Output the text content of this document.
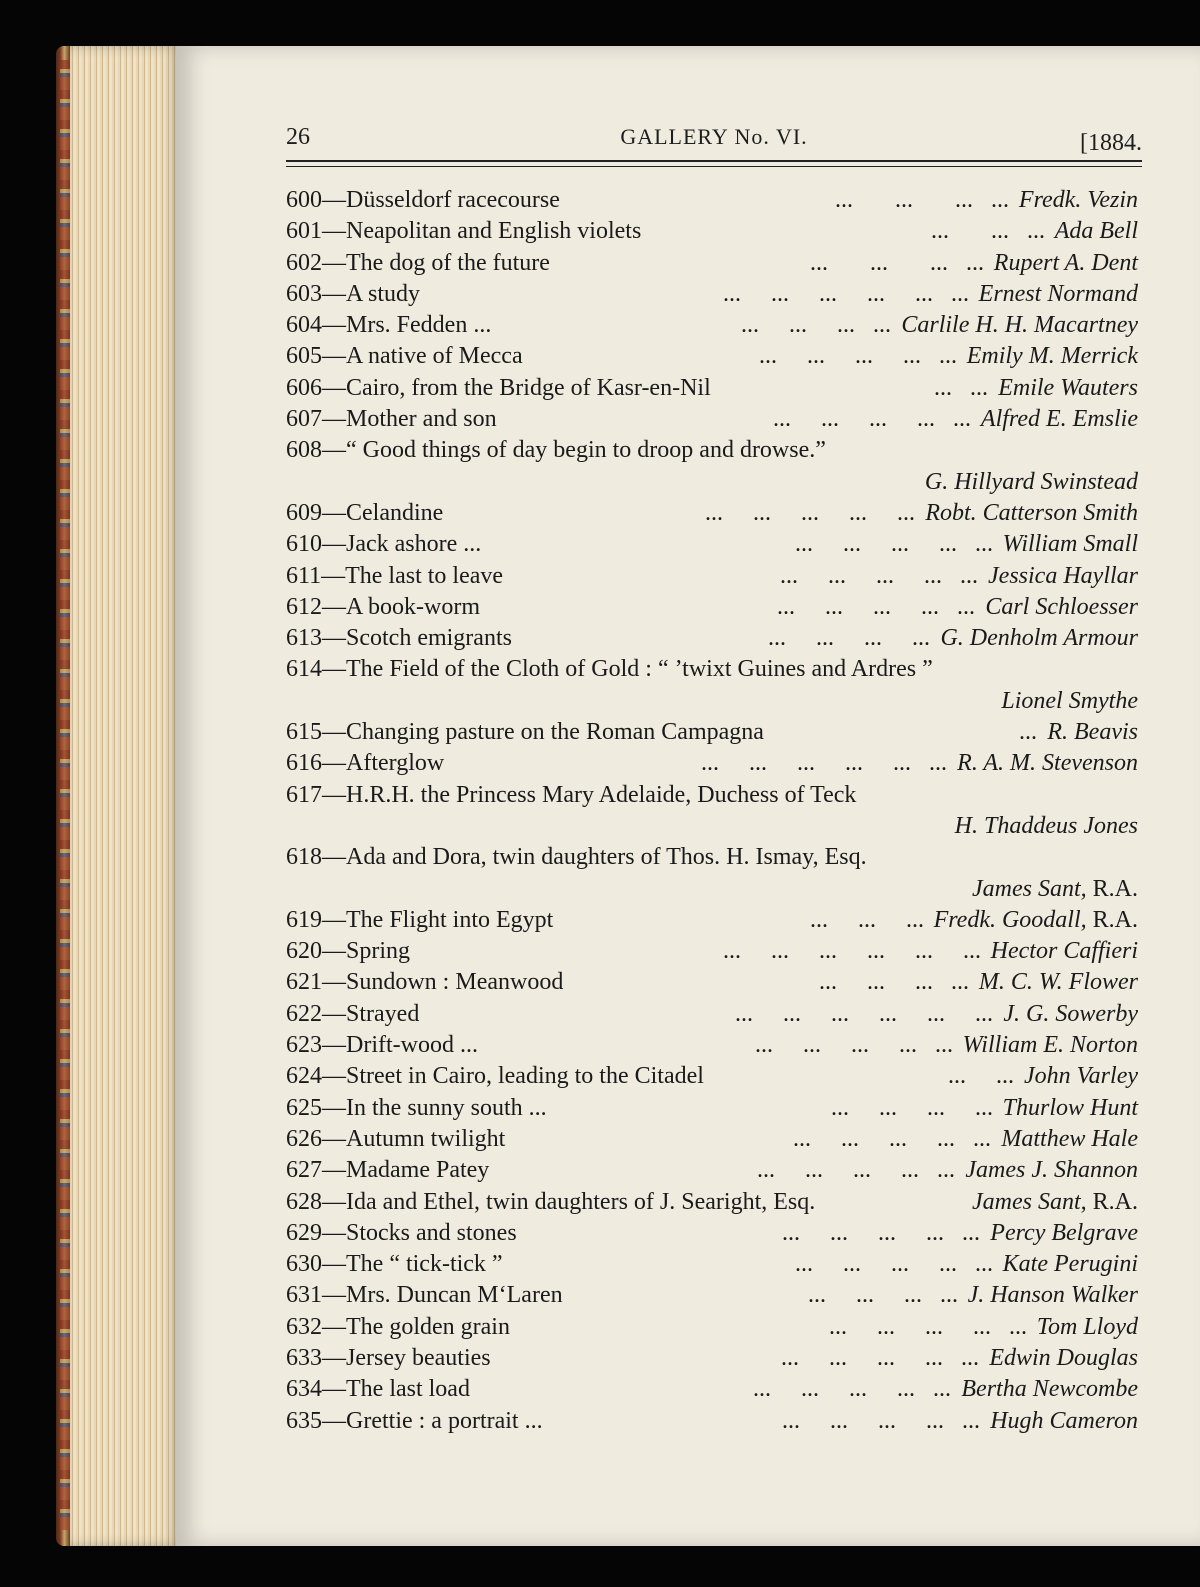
26	GALLERY No. VI.	[1884.
600—Düsseldorf racecourse	...       ...       ...   ... Fredk. Vezin
601—Neapolitan and English violets	...       ...   ... Ada Bell
602—The dog of the future	...       ...       ...   ... Rupert A. Dent
603—A study	...     ...     ...     ...     ...   ... Ernest Normand
604—Mrs. Fedden ...	...     ...     ...   ... Carlile H. H. Macartney
605—A native of Mecca	...     ...     ...     ...   ... Emily M. Merrick
606—Cairo, from the Bridge of Kasr-en-Nil	...   ... Emile Wauters
607—Mother and son	...     ...     ...     ...   ... Alfred E. Emslie
608—“ Good things of day begin to droop and drowse.”
G. Hillyard Swinstead
609—Celandine	...     ...     ...     ...     ... Robt. Catterson Smith
610—Jack ashore ...	...     ...     ...     ...   ... William Small
611—The last to leave	...     ...     ...     ...   ... Jessica Hayllar
612—A book-worm	...     ...     ...     ...   ... Carl Schloesser
613—Scotch emigrants	...     ...     ...     ... G. Denholm Armour
614—The Field of the Cloth of Gold : “ ’twixt Guines and Ardres ”
Lionel Smythe
615—Changing pasture on the Roman Campagna	... R. Beavis
616—Afterglow	...     ...     ...     ...     ...   ... R. A. M. Stevenson
617—H.R.H. the Princess Mary Adelaide, Duchess of Teck
H. Thaddeus Jones
618—Ada and Dora, twin daughters of Thos. H. Ismay, Esq.
James Sant, R.A.
619—The Flight into Egypt	...     ...     ... Fredk. Goodall, R.A.
620—Spring	...     ...     ...     ...     ...     ... Hector Caffieri
621—Sundown : Meanwood	...     ...     ...   ... M. C. W. Flower
622—Strayed	...     ...     ...     ...     ...     ... J. G. Sowerby
623—Drift-wood ...	...     ...     ...     ...   ... William E. Norton
624—Street in Cairo, leading to the Citadel	...     ... John Varley
625—In the sunny south ...	...     ...     ...     ... Thurlow Hunt
626—Autumn twilight	...     ...     ...     ...   ... Matthew Hale
627—Madame Patey	...     ...     ...     ...   ... James J. Shannon
628—Ida and Ethel, twin daughters of J. Searight, Esq.	James Sant, R.A.
629—Stocks and stones	...     ...     ...     ...   ... Percy Belgrave
630—The “ tick-tick ”	...     ...     ...     ...   ... Kate Perugini
631—Mrs. Duncan M‘Laren	...     ...     ...   ... J. Hanson Walker
632—The golden grain	...     ...     ...     ...   ... Tom Lloyd
633—Jersey beauties	...     ...     ...     ...   ... Edwin Douglas
634—The last load	...     ...     ...     ...   ... Bertha Newcombe
635—Grettie : a portrait ...	...     ...     ...     ...   ... Hugh Cameron
